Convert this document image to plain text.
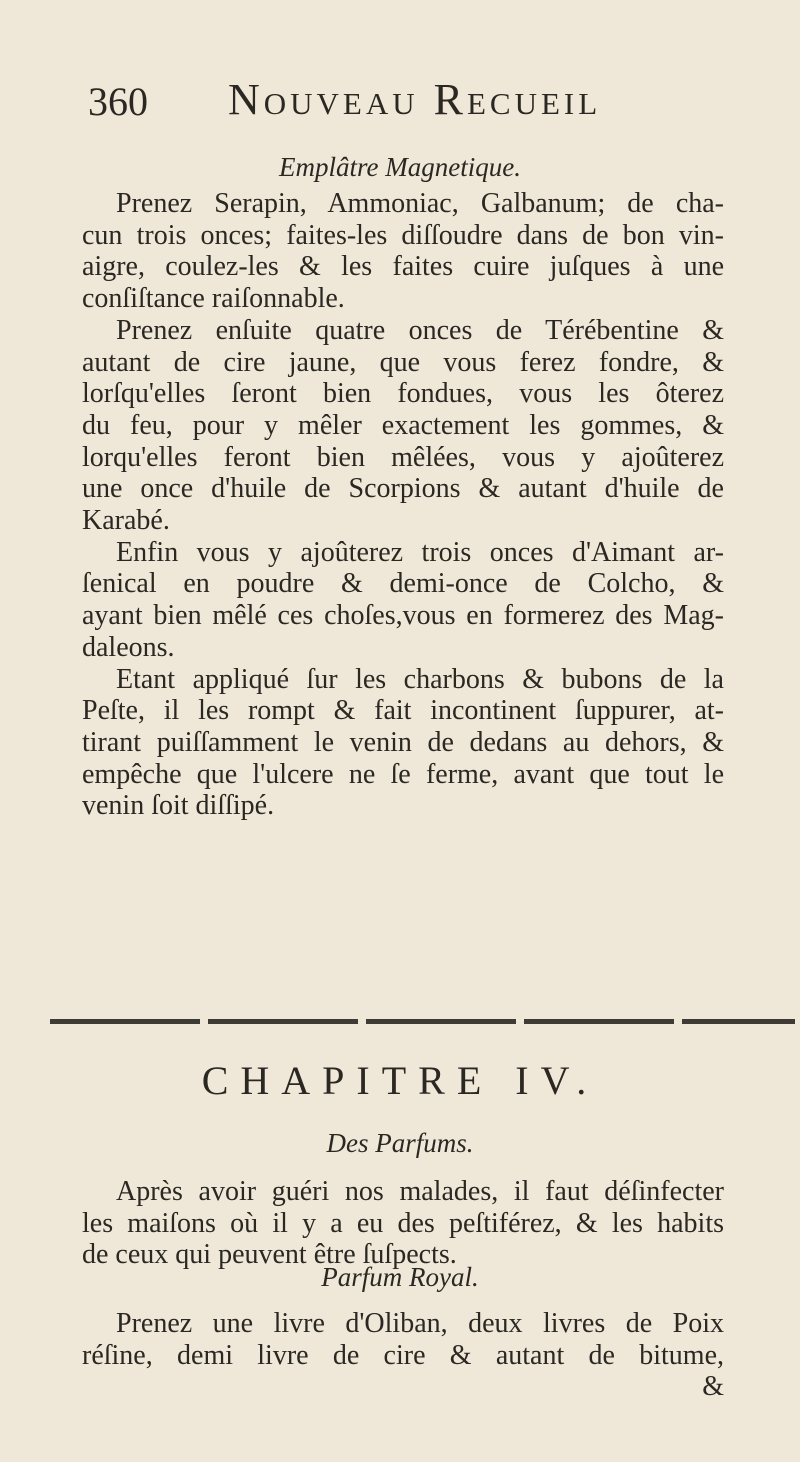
360 Nouveau Recueil
Emplâtre Magnetique.
Prenez Serapin, Ammoniac, Galbanum; de cha-
cun trois onces; faites-les diſſoudre dans de bon vin-
aigre, coulez-les & les faites cuire juſques à une
conſiſtance raiſonnable.
Prenez enſuite quatre onces de Térébentine &
autant de cire jaune, que vous ferez fondre, &
lorſqu'elles ſeront bien fondues, vous les ôterez
du feu, pour y mêler exactement les gommes, &
lorqu'elles feront bien mêlées, vous y ajoûterez
une once d'huile de Scorpions & autant d'huile de
Karabé.
Enfin vous y ajoûterez trois onces d'Aimant ar-
ſenical en poudre & demi-once de Colcho, &
ayant bien mêlé ces choſes,vous en formerez des Mag-
daleons.
Etant appliqué ſur les charbons & bubons de la
Peſte, il les rompt & fait incontinent ſuppurer, at-
tirant puiſſamment le venin de dedans au dehors, &
empêche que l'ulcere ne ſe ferme, avant que tout le
venin ſoit diſſipé.
CHAPITRE IV.
Des Parfums.
Après avoir guéri nos malades, il faut déſinfecter
les maiſons où il y a eu des peſtiférez, & les habits
de ceux qui peuvent être ſuſpects.
Parfum Royal.
Prenez une livre d'Oliban, deux livres de Poix
réſine, demi livre de cire & autant de bitume,
&
